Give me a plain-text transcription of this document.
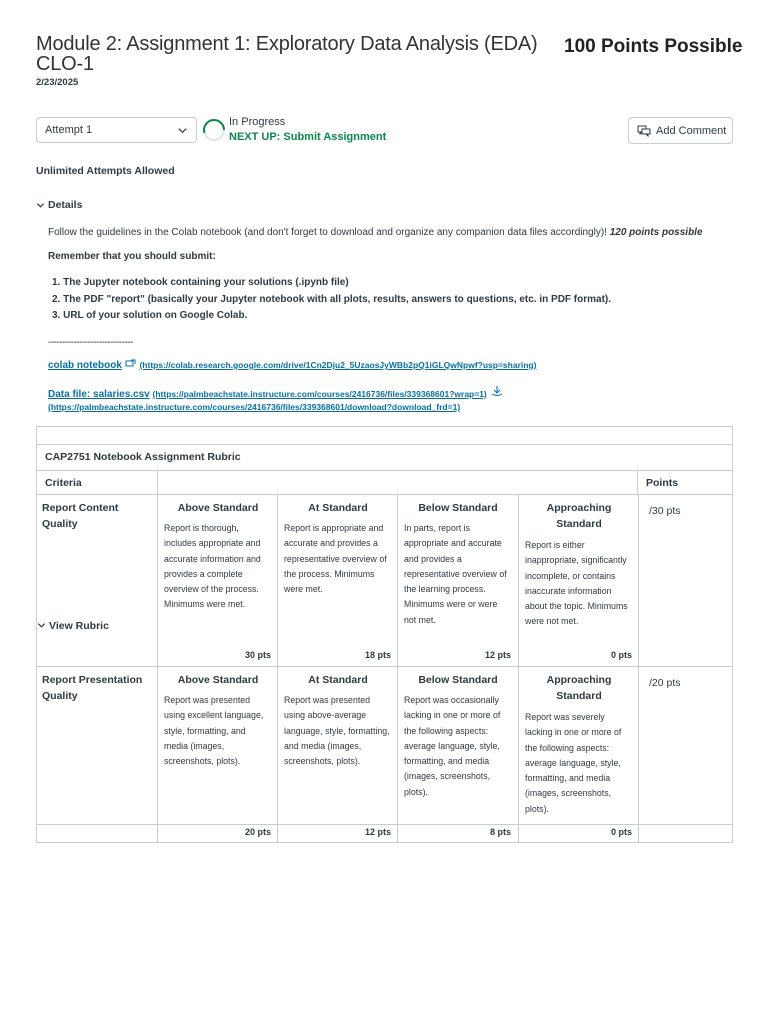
Module 2: Assignment 1: Exploratory Data Analysis (EDA) CLO-1
100 Points Possible
2/23/2025
Attempt 1
In Progress
NEXT UP: Submit Assignment
Add Comment
Unlimited Attempts Allowed
Details
Follow the guidelines in the Colab notebook (and don't forget to download and organize any companion data files accordingly)! 120 points possible
Remember that you should submit:
1. The Jupyter notebook containing your solutions (.ipynb file)
2. The PDF "report" (basically your Jupyter notebook with all plots, results, answers to questions, etc. in PDF format).
3. URL of your solution on Google Colab.
------------------------------
colab notebook (https://colab.research.google.com/drive/1Cn2Dju2_5UzaosJyWBb2pQ1iGLQwNpwf?usp=sharing)
Data file: salaries.csv (https://palmbeachstate.instructure.com/courses/2416736/files/339368601?wrap=1)
(https://palmbeachstate.instructure.com/courses/2416736/files/339368601/download?download_frd=1)
View Rubric
CAP2751 Notebook Assignment Rubric
Criteria	Points
Report Content Quality
Above Standard
Report is thorough, includes appropriate and accurate information and provides a complete overview of the process. Minimums were met.
30 pts
At Standard
Report is appropriate and accurate and provides a representative overview of the process. Minimums were met.
18 pts
Below Standard
In parts, report is appropriate and accurate and provides a representative overview of the learning process. Minimums were or were not met.
12 pts
Approaching Standard
Report is either inappropriate, significantly incomplete, or contains inaccurate information about the topic. Minimums were not met.
0 pts
/30 pts
Report Presentation Quality
Above Standard
Report was presented using excellent language, style, formatting, and media (images, screenshots, plots).
20 pts
At Standard
Report was presented using above-average language, style, formatting, and media (images, screenshots, plots).
12 pts
Below Standard
Report was occasionally lacking in one or more of the following aspects: average language, style, formatting, and media (images, screenshots, plots).
8 pts
Approaching Standard
Report was severely lacking in one or more of the following aspects: average language, style, formatting, and media (images, screenshots, plots).
0 pts
/20 pts
